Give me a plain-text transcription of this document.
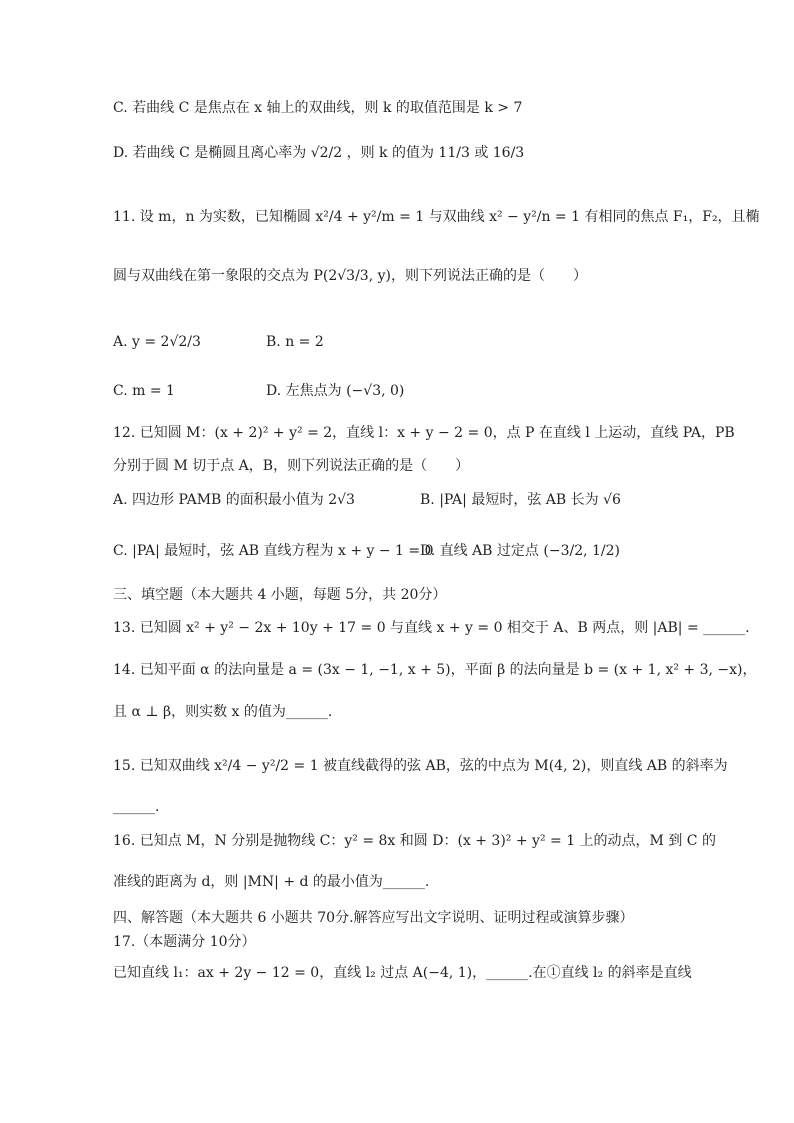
C. 若曲线 C 是焦点在 x 轴上的双曲线，则 k 的取值范围是 k > 7
D. 若曲线 C 是椭圆且离心率为 √2/2 ，则 k 的值为 11/3 或 16/3
11. 设 m，n 为实数，已知椭圆 x²/4 + y²/m = 1 与双曲线 x² − y²/n = 1 有相同的焦点 F₁，F₂，且椭
圆与双曲线在第一象限的交点为 P(2√3/3, y)，则下列说法正确的是（　　）
A. y = 2√2/3	B. n = 2
C. m = 1	D. 左焦点为 (−√3, 0)
12. 已知圆 M：(x + 2)² + y² = 2，直线 l：x + y − 2 = 0，点 P 在直线 l 上运动，直线 PA，PB
分别于圆 M 切于点 A，B，则下列说法正确的是（　　）
A. 四边形 PAMB 的面积最小值为 2√3	B. |PA| 最短时，弦 AB 长为 √6
C. |PA| 最短时，弦 AB 直线方程为 x + y − 1 = 0
D. 直线 AB 过定点 (−3/2, 1/2)
三、填空题（本大题共 4 小题，每题 5分，共 20分）
13. 已知圆 x² + y² − 2x + 10y + 17 = 0 与直线 x + y = 0 相交于 A、B 两点，则 |AB| = ______.
14. 已知平面 α 的法向量是 a = (3x − 1, −1, x + 5)，平面 β 的法向量是 b = (x + 1, x² + 3, −x)，
且 α ⊥ β，则实数 x 的值为______.
15. 已知双曲线 x²/4 − y²/2 = 1 被直线截得的弦 AB，弦的中点为 M(4, 2)，则直线 AB 的斜率为
______.
16. 已知点 M，N 分别是抛物线 C：y² = 8x 和圆 D：(x + 3)² + y² = 1 上的动点，M 到 C 的
准线的距离为 d，则 |MN| + d 的最小值为______.
四、解答题（本大题共 6 小题共 70分.解答应写出文字说明、证明过程或演算步骤）
17.（本题满分 10分）
已知直线 l₁：ax + 2y − 12 = 0，直线 l₂ 过点 A(−4, 1)，______.在①直线 l₂ 的斜率是直线
